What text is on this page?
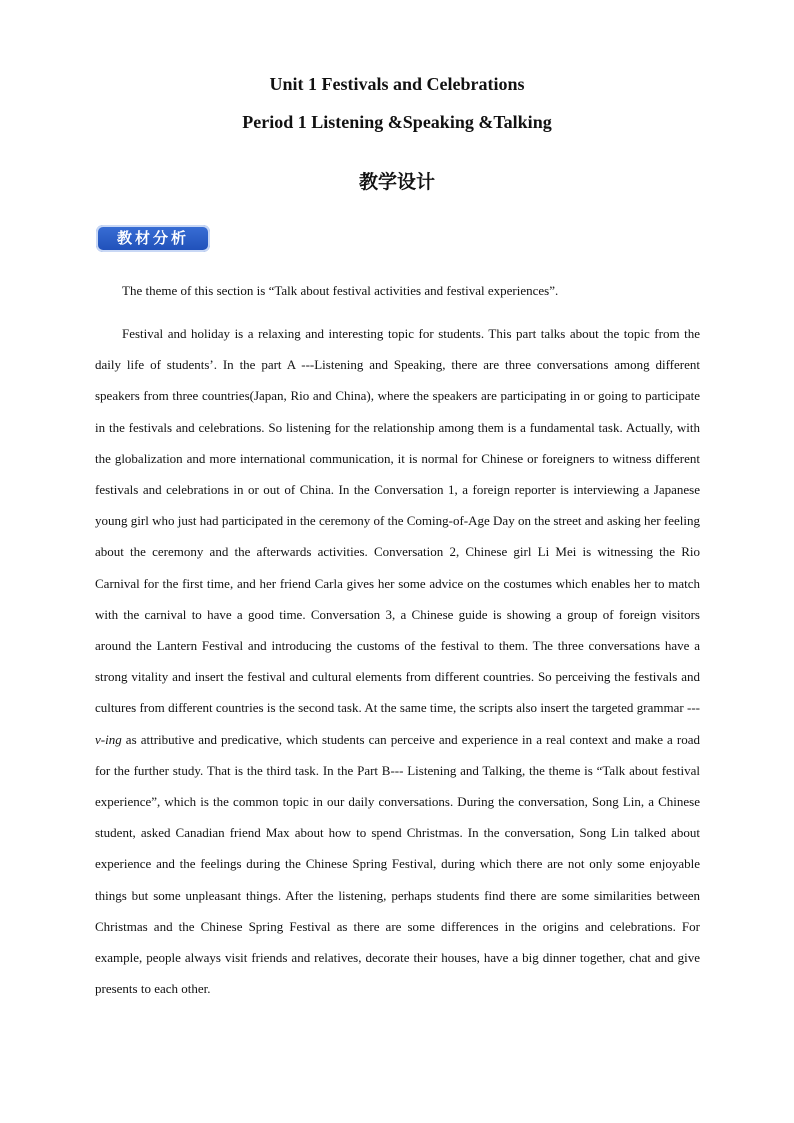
Unit 1 Festivals and Celebrations
Period 1 Listening &Speaking &Talking
教学设计
教材分析
The theme of this section is “Talk about festival activities and festival experiences”.
Festival and holiday is a relaxing and interesting topic for students. This part talks about the topic from the daily life of students’. In the part A ---Listening and Speaking, there are three conversations among different speakers from three countries(Japan, Rio and China), where the speakers are participating in or going to participate in the festivals and celebrations. So listening for the relationship among them is a fundamental task. Actually, with the globalization and more international communication, it is normal for Chinese or foreigners to witness different festivals and celebrations in or out of China. In the Conversation 1, a foreign reporter is interviewing a Japanese young girl who just had participated in the ceremony of the Coming-of-Age Day on the street and asking her feeling about the ceremony and the afterwards activities. Conversation 2, Chinese girl Li Mei is witnessing the Rio Carnival for the first time, and her friend Carla gives her some advice on the costumes which enables her to match with the carnival to have a good time. Conversation 3, a Chinese guide is showing a group of foreign visitors around the Lantern Festival and introducing the customs of the festival to them. The three conversations have a strong vitality and insert the festival and cultural elements from different countries. So perceiving the festivals and cultures from different countries is the second task. At the same time, the scripts also insert the targeted grammar ---v-ing as attributive and predicative, which students can perceive and experience in a real context and make a road for the further study. That is the third task. In the Part B--- Listening and Talking, the theme is “Talk about festival experience”, which is the common topic in our daily conversations. During the conversation, Song Lin, a Chinese student, asked Canadian friend Max about how to spend Christmas. In the conversation, Song Lin talked about experience and the feelings during the Chinese Spring Festival, during which there are not only some enjoyable things but some unpleasant things. After the listening, perhaps students find there are some similarities between Christmas and the Chinese Spring Festival as there are some differences in the origins and celebrations. For example, people always visit friends and relatives, decorate their houses, have a big dinner together, chat and give presents to each other.
